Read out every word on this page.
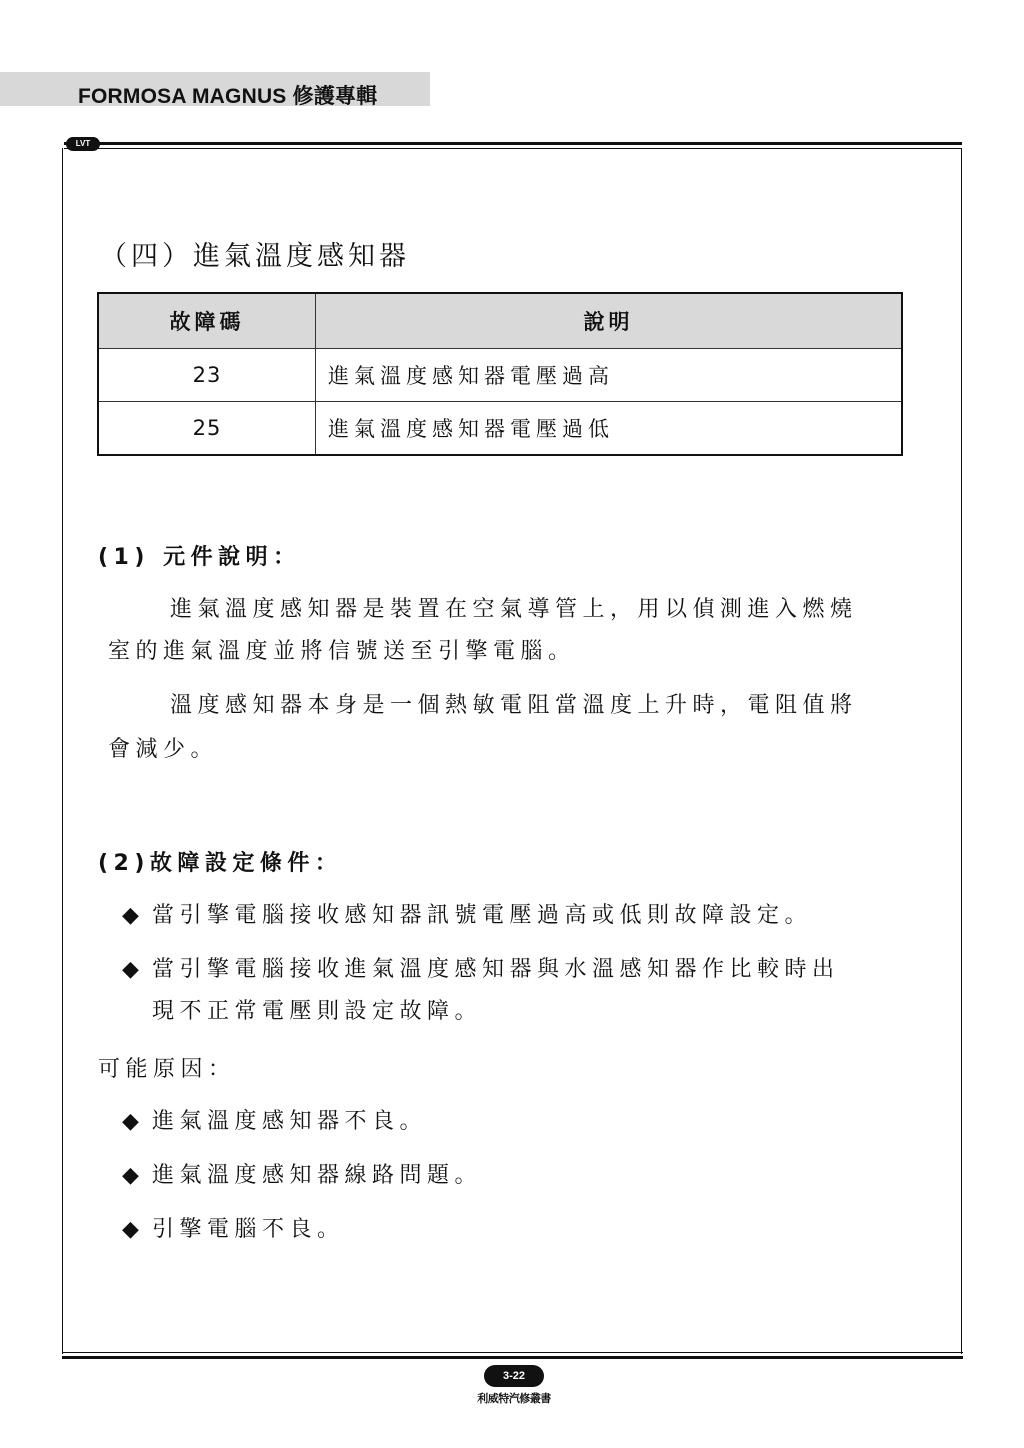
FORMOSA MAGNUS 修護專輯
LVT
（四）進氣溫度感知器
故障碼	說明
23	進氣溫度感知器電壓過高
25	進氣溫度感知器電壓過低
(1) 元件說明：
進氣溫度感知器是裝置在空氣導管上，用以偵測進入燃燒
室的進氣溫度並將信號送至引擎電腦。
溫度感知器本身是一個熱敏電阻當溫度上升時，電阻值將
會減少。
(2)故障設定條件：
◆ 當引擎電腦接收感知器訊號電壓過高或低則故障設定。
◆ 當引擎電腦接收進氣溫度感知器與水溫感知器作比較時出
現不正常電壓則設定故障。
可能原因：
◆ 進氣溫度感知器不良。
◆ 進氣溫度感知器線路問題。
◆ 引擎電腦不良。
3-22
利威特汽修叢書
